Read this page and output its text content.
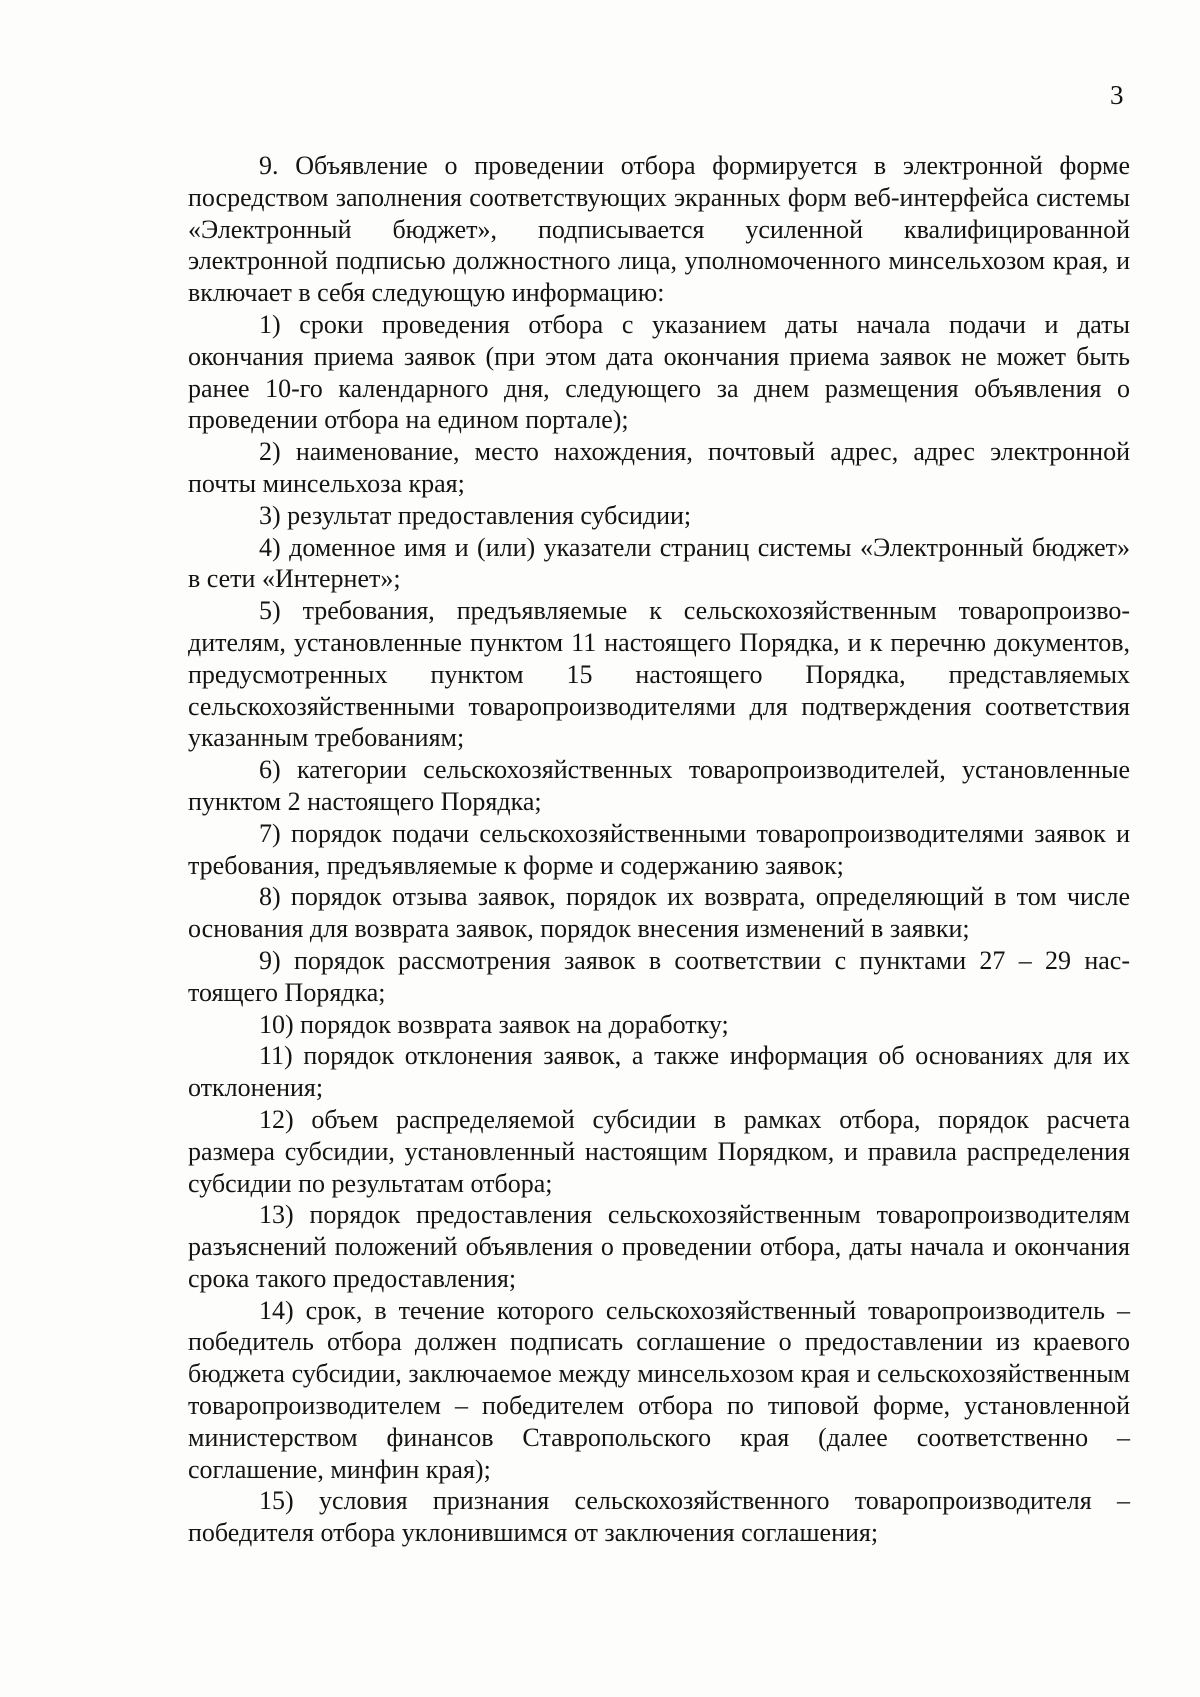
3

9. Объявление о проведении отбора формируется в электронной форме посредством заполнения соответствующих экранных форм веб-интерфейса системы «Электронный бюджет», подписывается усиленной квалифицированной электронной подписью должностного лица, уполномоченного минсельхозом края, и включает в себя следующую информацию:

1) сроки проведения отбора с указанием даты начала подачи и даты окончания приема заявок (при этом дата окончания приема заявок не может быть ранее 10-го календарного дня, следующего за днем размещения объявления о проведении отбора на едином портале);

2) наименование, место нахождения, почтовый адрес, адрес электронной почты минсельхоза края;

3) результат предоставления субсидии;

4) доменное имя и (или) указатели страниц системы «Электронный бюджет» в сети «Интернет»;

5) требования, предъявляемые к сельскохозяйственным товаропроизводителям, установленные пунктом 11 настоящего Порядка, и к перечню документов, предусмотренных пунктом 15 настоящего Порядка, представляемых сельскохозяйственными товаропроизводителями для подтверждения соответствия указанным требованиям;

6) категории сельскохозяйственных товаропроизводителей, установленные пунктом 2 настоящего Порядка;

7) порядок подачи сельскохозяйственными товаропроизводителями заявок и требования, предъявляемые к форме и содержанию заявок;

8) порядок отзыва заявок, порядок их возврата, определяющий в том числе основания для возврата заявок, порядок внесения изменений в заявки;

9) порядок рассмотрения заявок в соответствии с пунктами 27 – 29 настоящего Порядка;

10) порядок возврата заявок на доработку;

11) порядок отклонения заявок, а также информация об основаниях для их отклонения;

12) объем распределяемой субсидии в рамках отбора, порядок расчета размера субсидии, установленный настоящим Порядком, и правила распределения субсидии по результатам отбора;

13) порядок предоставления сельскохозяйственным товаропроизводителям разъяснений положений объявления о проведении отбора, даты начала и окончания срока такого предоставления;

14) срок, в течение которого сельскохозяйственный товаропроизводитель – победитель отбора должен подписать соглашение о предоставлении из краевого бюджета субсидии, заключаемое между минсельхозом края и сельскохозяйственным товаропроизводителем – победителем отбора по типовой форме, установленной министерством финансов Ставропольского края (далее соответственно – соглашение, минфин края);

15) условия признания сельскохозяйственного товаропроизводителя – победителя отбора уклонившимся от заключения соглашения;
